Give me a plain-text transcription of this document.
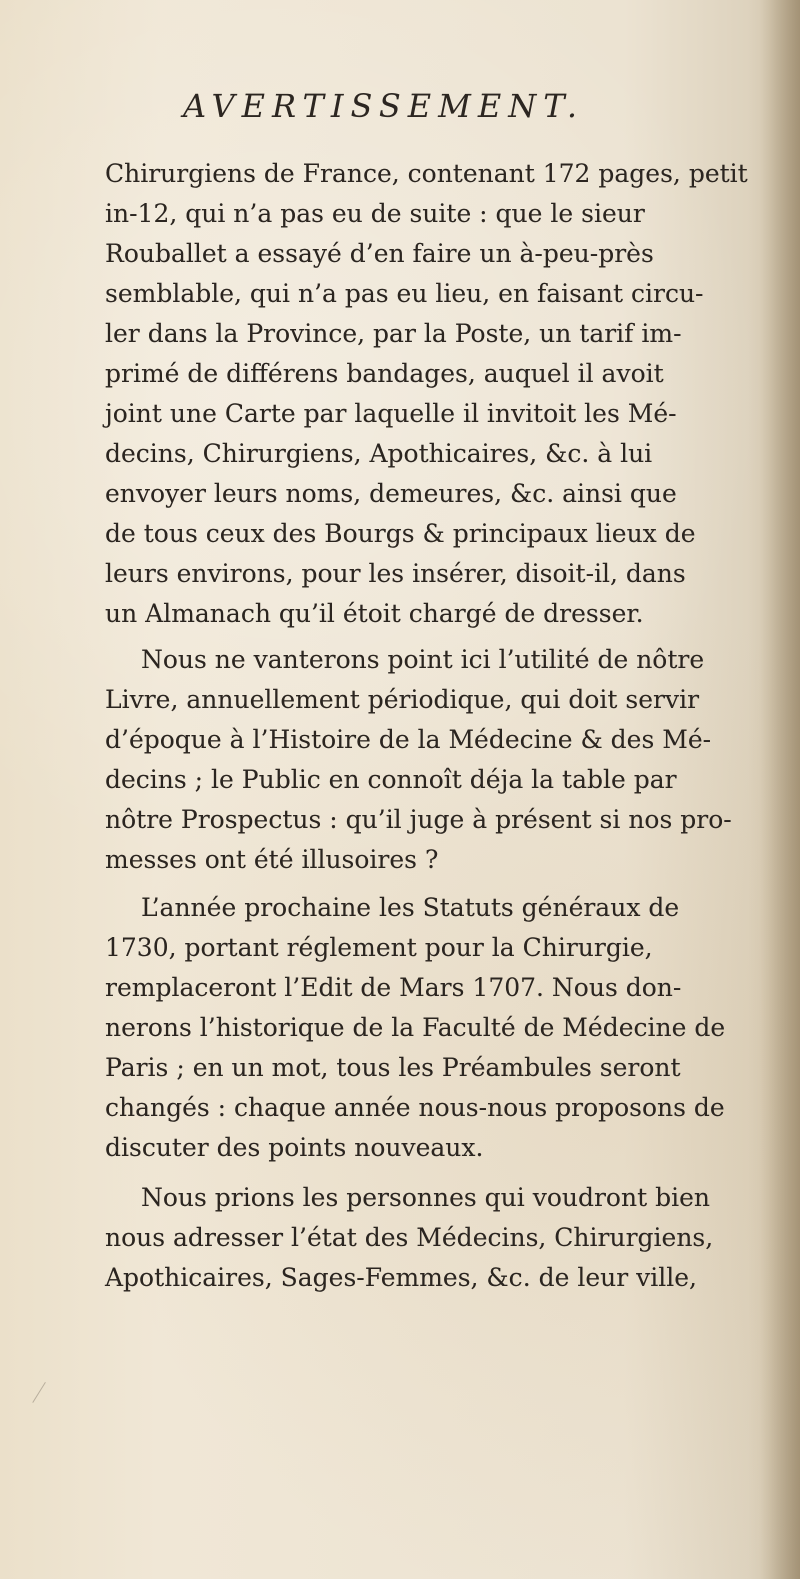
AVERTISSEMENT.
Chirurgiens de France, contenant 172 pages, petit
in-12, qui n’a pas eu de suite : que le sieur
Rouballet a essayé d’en faire un à-peu-près
semblable, qui n’a pas eu lieu, en faisant circu-
ler dans la Province, par la Poste, un tarif im-
primé de différens bandages, auquel il avoit
joint une Carte par laquelle il invitoit les Mé-
decins, Chirurgiens, Apothicaires, &c. à lui
envoyer leurs noms, demeures, &c. ainsi que
de tous ceux des Bourgs & principaux lieux de
leurs environs, pour les insérer, disoit-il, dans
un Almanach qu’il étoit chargé de dresser.
Nous ne vanterons point ici l’utilité de nôtre
Livre, annuellement périodique, qui doit servir
d’époque à l’Histoire de la Médecine & des Mé-
decins ; le Public en connoît déja la table par
nôtre Prospectus : qu’il juge à présent si nos pro-
messes ont été illusoires ?
L’année prochaine les Statuts généraux de
1730, portant réglement pour la Chirurgie,
remplaceront l’Edit de Mars 1707. Nous don-
nerons l’historique de la Faculté de Médecine de
Paris ; en un mot, tous les Préambules seront
changés : chaque année nous-nous proposons de
discuter des points nouveaux.
Nous prions les personnes qui voudront bien
nous adresser l’état des Médecins, Chirurgiens,
Apothicaires, Sages-Femmes, &c. de leur ville,
